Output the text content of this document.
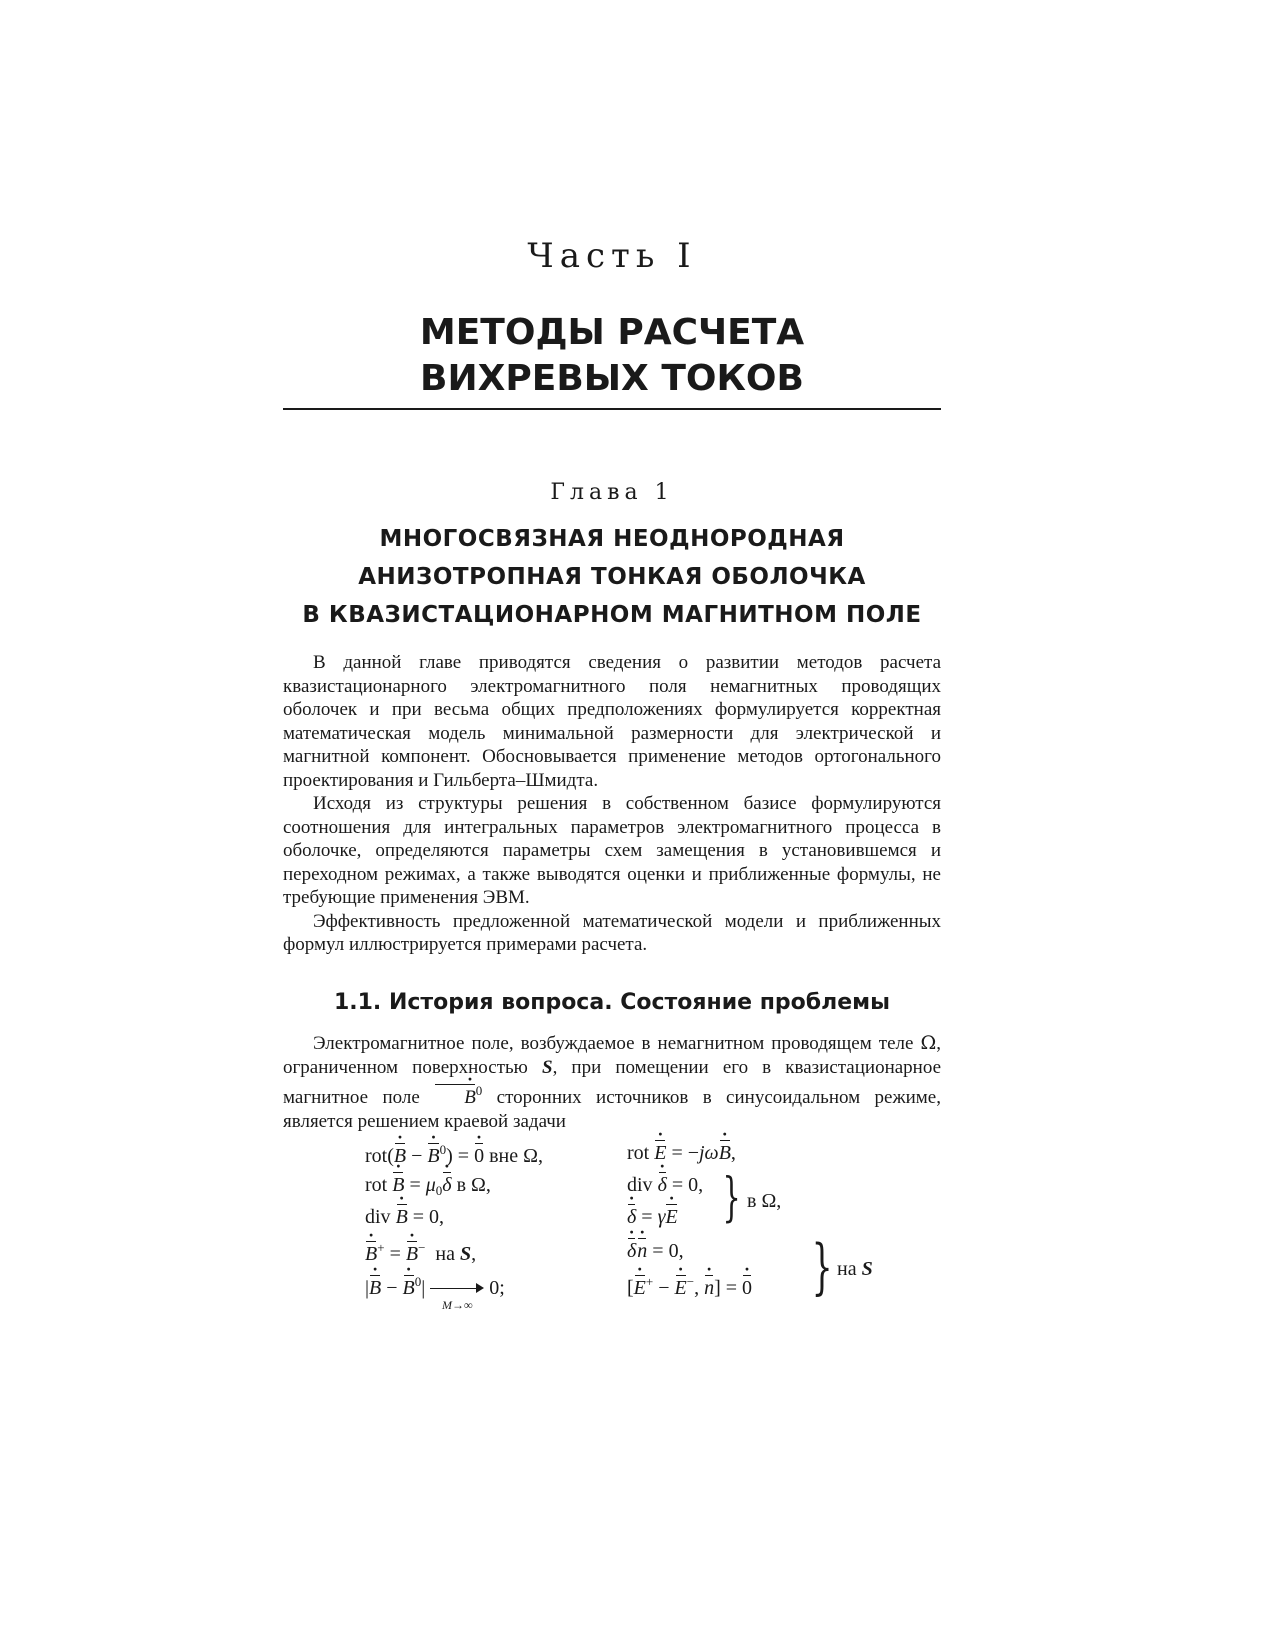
Часть I
МЕТОДЫ РАСЧЕТА
ВИХРЕВЫХ ТОКОВ
Глава 1
МНОГОСВЯЗНАЯ НЕОДНОРОДНАЯ
АНИЗОТРОПНАЯ ТОНКАЯ ОБОЛОЧКА
В КВАЗИСТАЦИОНАРНОМ МАГНИТНОМ ПОЛЕ

В данной главе приводятся сведения о развитии методов расчета квазистационарного электромагнитного поля немагнитных проводящих оболочек и при весьма общих предположениях формулируется корректная математическая модель минимальной размерности для электрической и магнитной компонент. Обосновывается применение методов ортогонального проектирования и Гильберта–Шмидта.

Исходя из структуры решения в собственном базисе формулируются соотношения для интегральных параметров электромагнитного процесса в оболочке, определяются параметры схем замещения в установившемся и переходном режимах, а также выводятся оценки и приближенные формулы, не требующие применения ЭВМ.

Эффективность предложенной математической модели и приближенных формул иллюстрируется примерами расчета.

1.1. История вопроса. Состояние проблемы

Электромагнитное поле, возбуждаемое в немагнитном проводящем теле Ω, ограниченном поверхностью S, при помещении его в квазистационарное магнитное поле B ·$^0$ сторонних источников в синусоидальном режиме, является решением краевой задачи

rot(B · − B ·$^0$) = 0 · вне Ω,
rot B · = $\mu_0\delta \cdot в$ Ω,
div B · = 0,
B ·+ = B ·− на S,
|B · − B ·$^0$|
M→∞
0;
rot E · = −jωB ·,
div δ · = 0,
δ · = γE · } в Ω,
δ ·n · = 0,
[E ·+ − E ·−, n ·] = 0 · } на S
